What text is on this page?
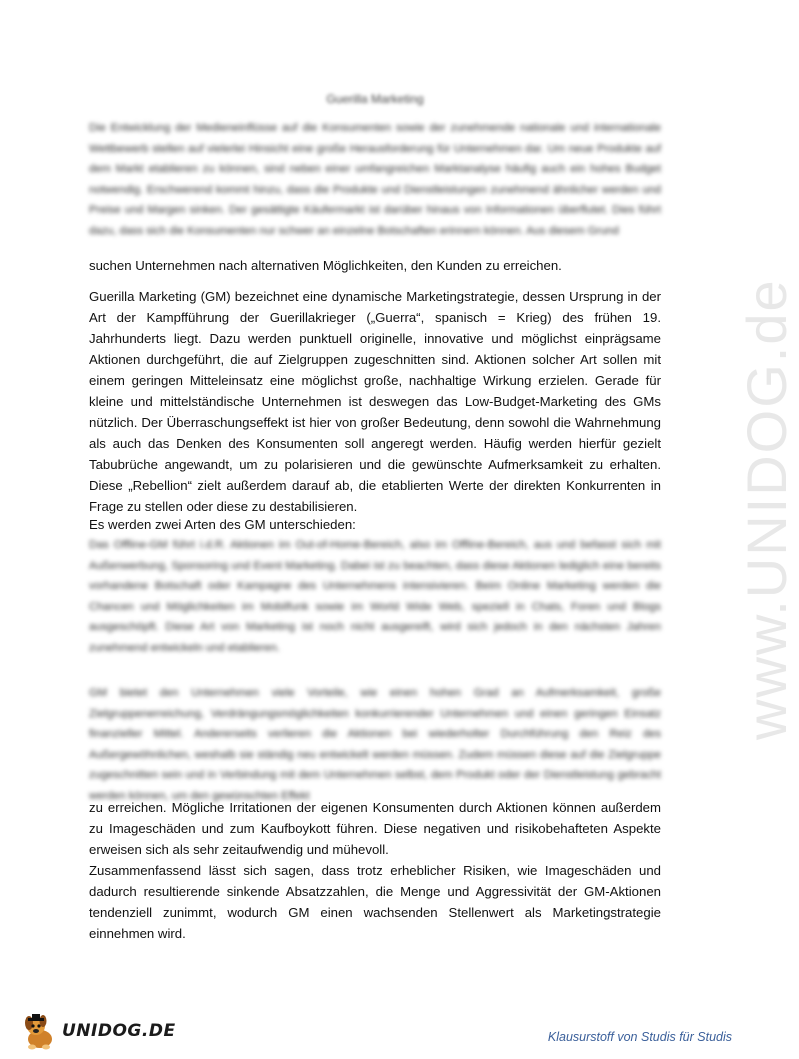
Guerilla Marketing
Die Entwicklung der Medieneinflüsse auf die Konsumenten sowie der zunehmende nationale und internationale Wettbewerb stellen auf vielerlei Hinsicht eine große Herausforderung für Unternehmen dar. Um neue Produkte auf dem Markt etablieren zu können, sind neben einer umfangreichen Marktanalyse häufig auch ein hohes Budget notwendig. Erschwerend kommt hinzu, dass die Produkte und Dienstleistungen zunehmend ähnlicher werden und Preise und Margen sinken. Der gesättigte Käufermarkt ist darüber hinaus von Informationen überflutet. Dies führt dazu, dass sich die Konsumenten nur schwer an einzelne Botschaften erinnern können. Aus diesem Grund
suchen Unternehmen nach alternativen Möglichkeiten, den Kunden zu erreichen.
Guerilla Marketing (GM) bezeichnet eine dynamische Marketingstrategie, dessen Ursprung in der Art der Kampfführung der Guerillakrieger („Guerra“, spanisch = Krieg) des frühen 19. Jahrhunderts liegt. Dazu werden punktuell originelle, innovative und möglichst einprägsame Aktionen durchgeführt, die auf Zielgruppen zugeschnitten sind. Aktionen solcher Art sollen mit einem geringen Mitteleinsatz eine möglichst große, nachhaltige Wirkung erzielen. Gerade für kleine und mittelständische Unternehmen ist deswegen das Low-Budget-Marketing des GMs nützlich. Der Überraschungseffekt ist hier von großer Bedeutung, denn sowohl die Wahrnehmung als auch das Denken des Konsumenten soll angeregt werden. Häufig werden hierfür gezielt Tabubrüche angewandt, um zu polarisieren und die gewünschte Aufmerksamkeit zu erhalten. Diese „Rebellion“ zielt außerdem darauf ab, die etablierten Werte der direkten Konkurrenten in Frage zu stellen oder diese zu destabilisieren.
Es werden zwei Arten des GM unterschieden:
Das Offline-GM führt i.d.R. Aktionen im Out-of-Home-Bereich, also im Offline-Bereich, aus und befasst sich mit Außenwerbung, Sponsoring und Event Marketing. Dabei ist zu beachten, dass diese Aktionen lediglich eine bereits vorhandene Botschaft oder Kampagne des Unternehmens intensivieren. Beim Online Marketing werden die Chancen und Möglichkeiten im Mobilfunk sowie im World Wide Web, speziell in Chats, Foren und Blogs ausgeschöpft. Diese Art von Marketing ist noch nicht ausgereift, wird sich jedoch in den nächsten Jahren zunehmend entwickeln und etablieren.
GM bietet den Unternehmen viele Vorteile, wie einen hohen Grad an Aufmerksamkeit, große Zielgruppenerreichung, Verdrängungsmöglichkeiten konkurrierender Unternehmen und einen geringen Einsatz finanzieller Mittel. Andererseits verlieren die Aktionen bei wiederholter Durchführung den Reiz des Außergewöhnlichen, weshalb sie ständig neu entwickelt werden müssen. Zudem müssen diese auf die Zielgruppe zugeschnitten sein und in Verbindung mit dem Unternehmen selbst, dem Produkt oder der Dienstleistung gebracht werden können, um den gewünschten Effekt
zu erreichen. Mögliche Irritationen der eigenen Konsumenten durch Aktionen können außerdem zu Imageschäden und zum Kaufboykott führen. Diese negativen und risikobehafteten Aspekte erweisen sich als sehr zeitaufwendig und mühevoll.
Zusammenfassend lässt sich sagen, dass trotz erheblicher Risiken, wie Imageschäden und dadurch resultierende sinkende Absatzzahlen, die Menge und Aggressivität der GM-Aktionen tendenziell zunimmt, wodurch GM einen wachsenden Stellenwert als Marketingstrategie einnehmen wird.
www.UNIDOG.de
UNIDOG.DE	Klausurstoff von Studis für Studis
